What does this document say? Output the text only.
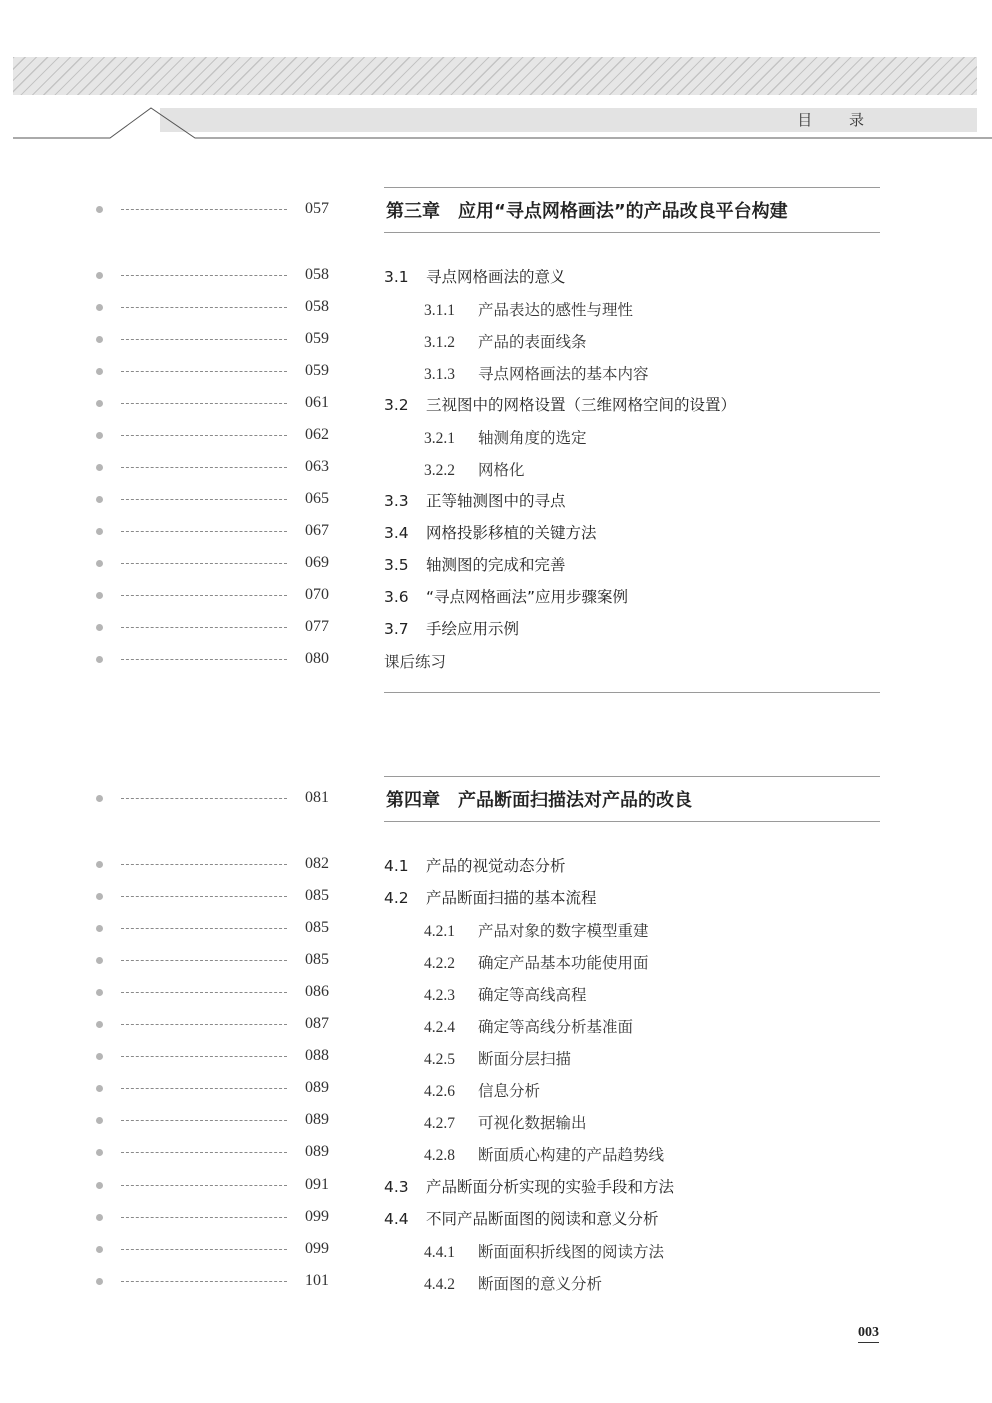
目 录
057	第三章　应用“寻点网格画法”的产品改良平台构建
058	3.1 寻点网格画法的意义
058	3.1.1 产品表达的感性与理性
059	3.1.2 产品的表面线条
059	3.1.3 寻点网格画法的基本内容
061	3.2 三视图中的网格设置（三维网格空间的设置）
062	3.2.1 轴测角度的选定
063	3.2.2 网格化
065	3.3 正等轴测图中的寻点
067	3.4 网格投影移植的关键方法
069	3.5 轴测图的完成和完善
070	3.6 “寻点网格画法”应用步骤案例
077	3.7 手绘应用示例
080	课后练习
081	第四章　产品断面扫描法对产品的改良
082	4.1 产品的视觉动态分析
085	4.2 产品断面扫描的基本流程
085	4.2.1 产品对象的数字模型重建
085	4.2.2 确定产品基本功能使用面
086	4.2.3 确定等高线高程
087	4.2.4 确定等高线分析基准面
088	4.2.5 断面分层扫描
089	4.2.6 信息分析
089	4.2.7 可视化数据输出
089	4.2.8 断面质心构建的产品趋势线
091	4.3 产品断面分析实现的实验手段和方法
099	4.4 不同产品断面图的阅读和意义分析
099	4.4.1 断面面积折线图的阅读方法
101	4.4.2 断面图的意义分析
003
